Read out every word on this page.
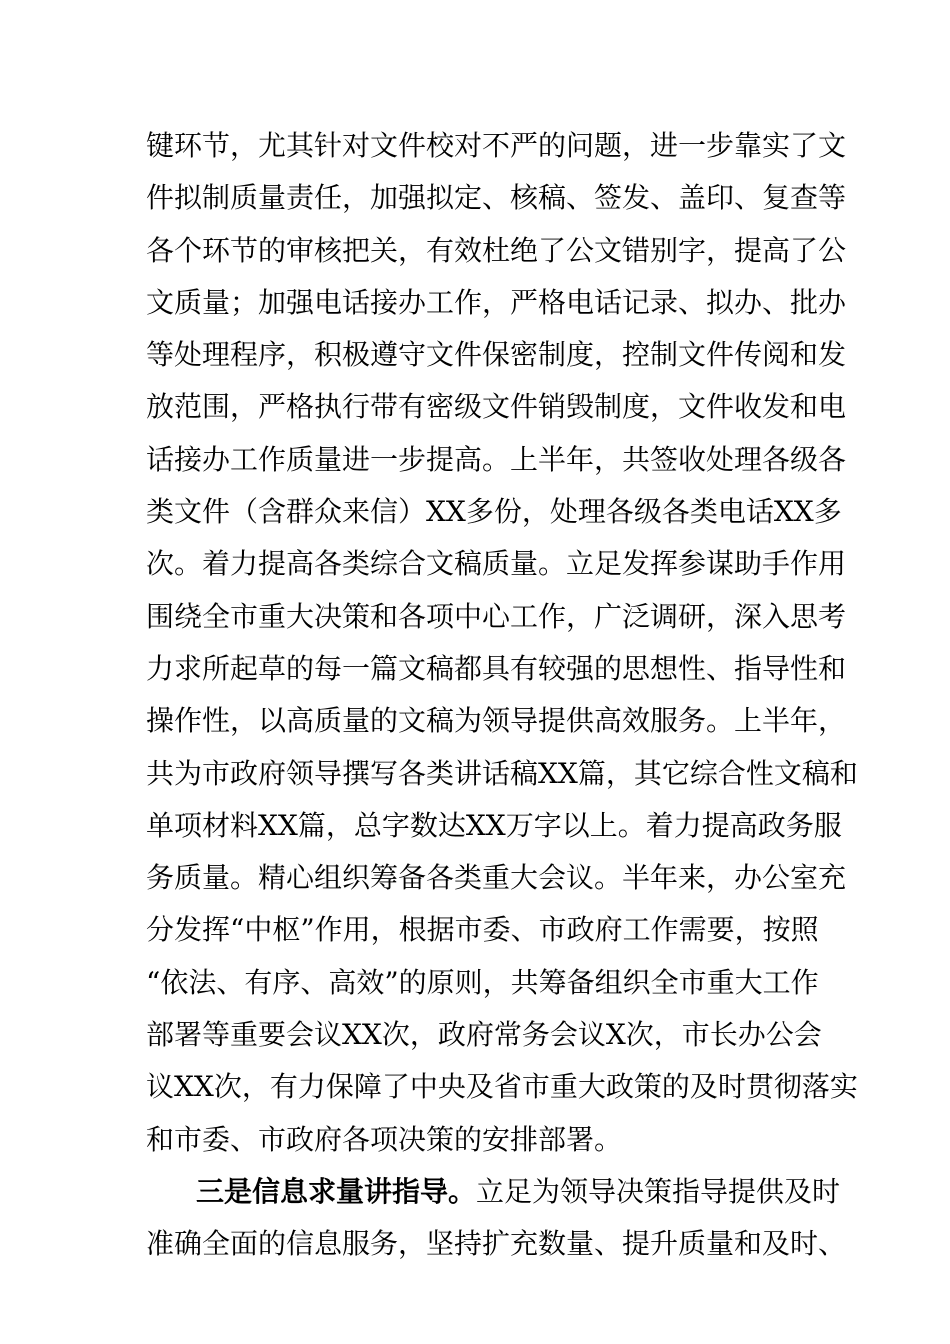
键环节，尤其针对文件校对不严的问题，进一步靠实了文
件拟制质量责任，加强拟定、核稿、签发、盖印、复查等
各个环节的审核把关，有效杜绝了公文错别字，提高了公
文质量；加强电话接办工作，严格电话记录、拟办、批办
等处理程序，积极遵守文件保密制度，控制文件传阅和发
放范围，严格执行带有密级文件销毁制度，文件收发和电
话接办工作质量进一步提高。上半年，共签收处理各级各
类文件（含群众来信）XX多份，处理各级各类电话XX多
次。着力提高各类综合文稿质量。立足发挥参谋助手作用
围绕全市重大决策和各项中心工作，广泛调研，深入思考
力求所起草的每一篇文稿都具有较强的思想性、指导性和
操作性，以高质量的文稿为领导提供高效服务。上半年，
共为市政府领导撰写各类讲话稿XX篇，其它综合性文稿和
单项材料XX篇，总字数达XX万字以上。着力提高政务服
务质量。精心组织筹备各类重大会议。半年来，办公室充
分发挥“中枢”作用，根据市委、市政府工作需要，按照
“依法、有序、高效”的原则，共筹备组织全市重大工作
部署等重要会议XX次，政府常务会议X次，市长办公会
议XX次，有力保障了中央及省市重大政策的及时贯彻落实
和市委、市政府各项决策的安排部署。
三是信息求量讲指导。立足为领导决策指导提供及时
准确全面的信息服务，坚持扩充数量、提升质量和及时、
